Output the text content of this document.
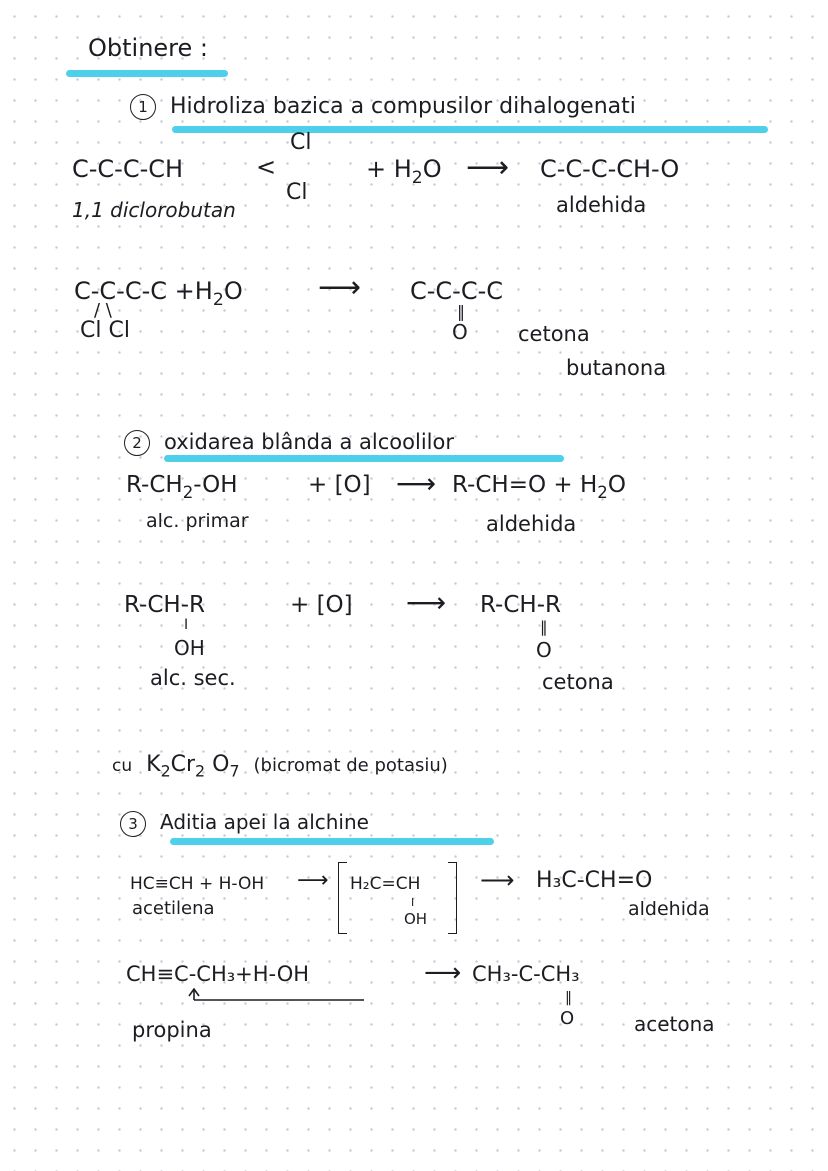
Obtinere :
1 Hidroliza bazica a compusilor dihalogenati
C-C-C-CH	<
Cl
Cl
+ $H_2O$ ⟶ C-C-C-CH-O
1,1 diclorobutan	aldehida
$C-C-C-C +H_2O$
/ \
Cl Cl
⟶ C-C-C-C
‖
O cetona
butanona
2 oxidarea blânda a alcoolilor
$R-CH_2-OH$	+ [O] ⟶ $R-CH=O + H_2O$
alc. primar	aldehida
R-CH-R
I
OH
+ [O] ⟶ R-CH-R
‖
O
alc. sec.	cetona
cu $K_2Cr_2$ $O_7$ (bicromat de potasiu)
3 Aditia apei la alchine
HC≡CH + H-OH ⟶ H₂C=CH
I
OH
⟶ H₃C-CH=O
acetilena	aldehida
CH≡C-CH₃+H-OH	⟶ CH₃-C-CH₃
‖
O
propina	acetona
